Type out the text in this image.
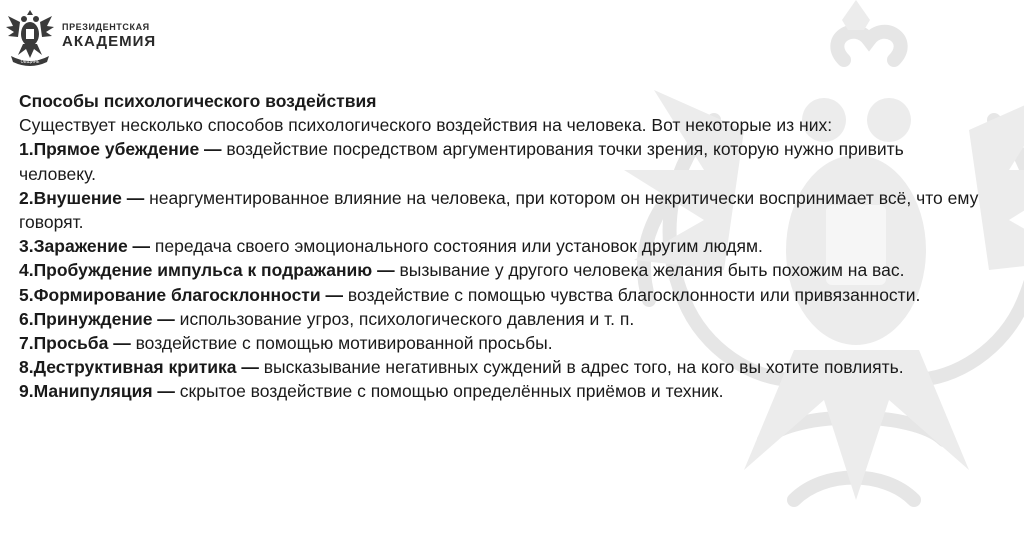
ОБЩИНЕ
ПРЕЗИДЕНТСКАЯ
АКАДЕМИЯ

Способы психологического воздействия

Существует несколько способов психологического воздействия на человека. Вот некоторые из них:

1.Прямое убеждение — воздействие посредством аргументирования точки зрения, которую нужно привить человеку.

2.Внушение — неаргументированное влияние на человека, при котором он некритически воспринимает всё, что ему говорят.

3.Заражение — передача своего эмоционального состояния или установок другим людям.

4.Пробуждение импульса к подражанию — вызывание у другого человека желания быть похожим на вас.

5.Формирование благосклонности — воздействие с помощью чувства благосклонности или привязанности.

6.Принуждение — использование угроз, психологического давления и т. п.

7.Просьба — воздействие с помощью мотивированной просьбы.

8.Деструктивная критика — высказывание негативных суждений в адрес того, на кого вы хотите повлиять.

9.Манипуляция — скрытое воздействие с помощью определённых приёмов и техник.
